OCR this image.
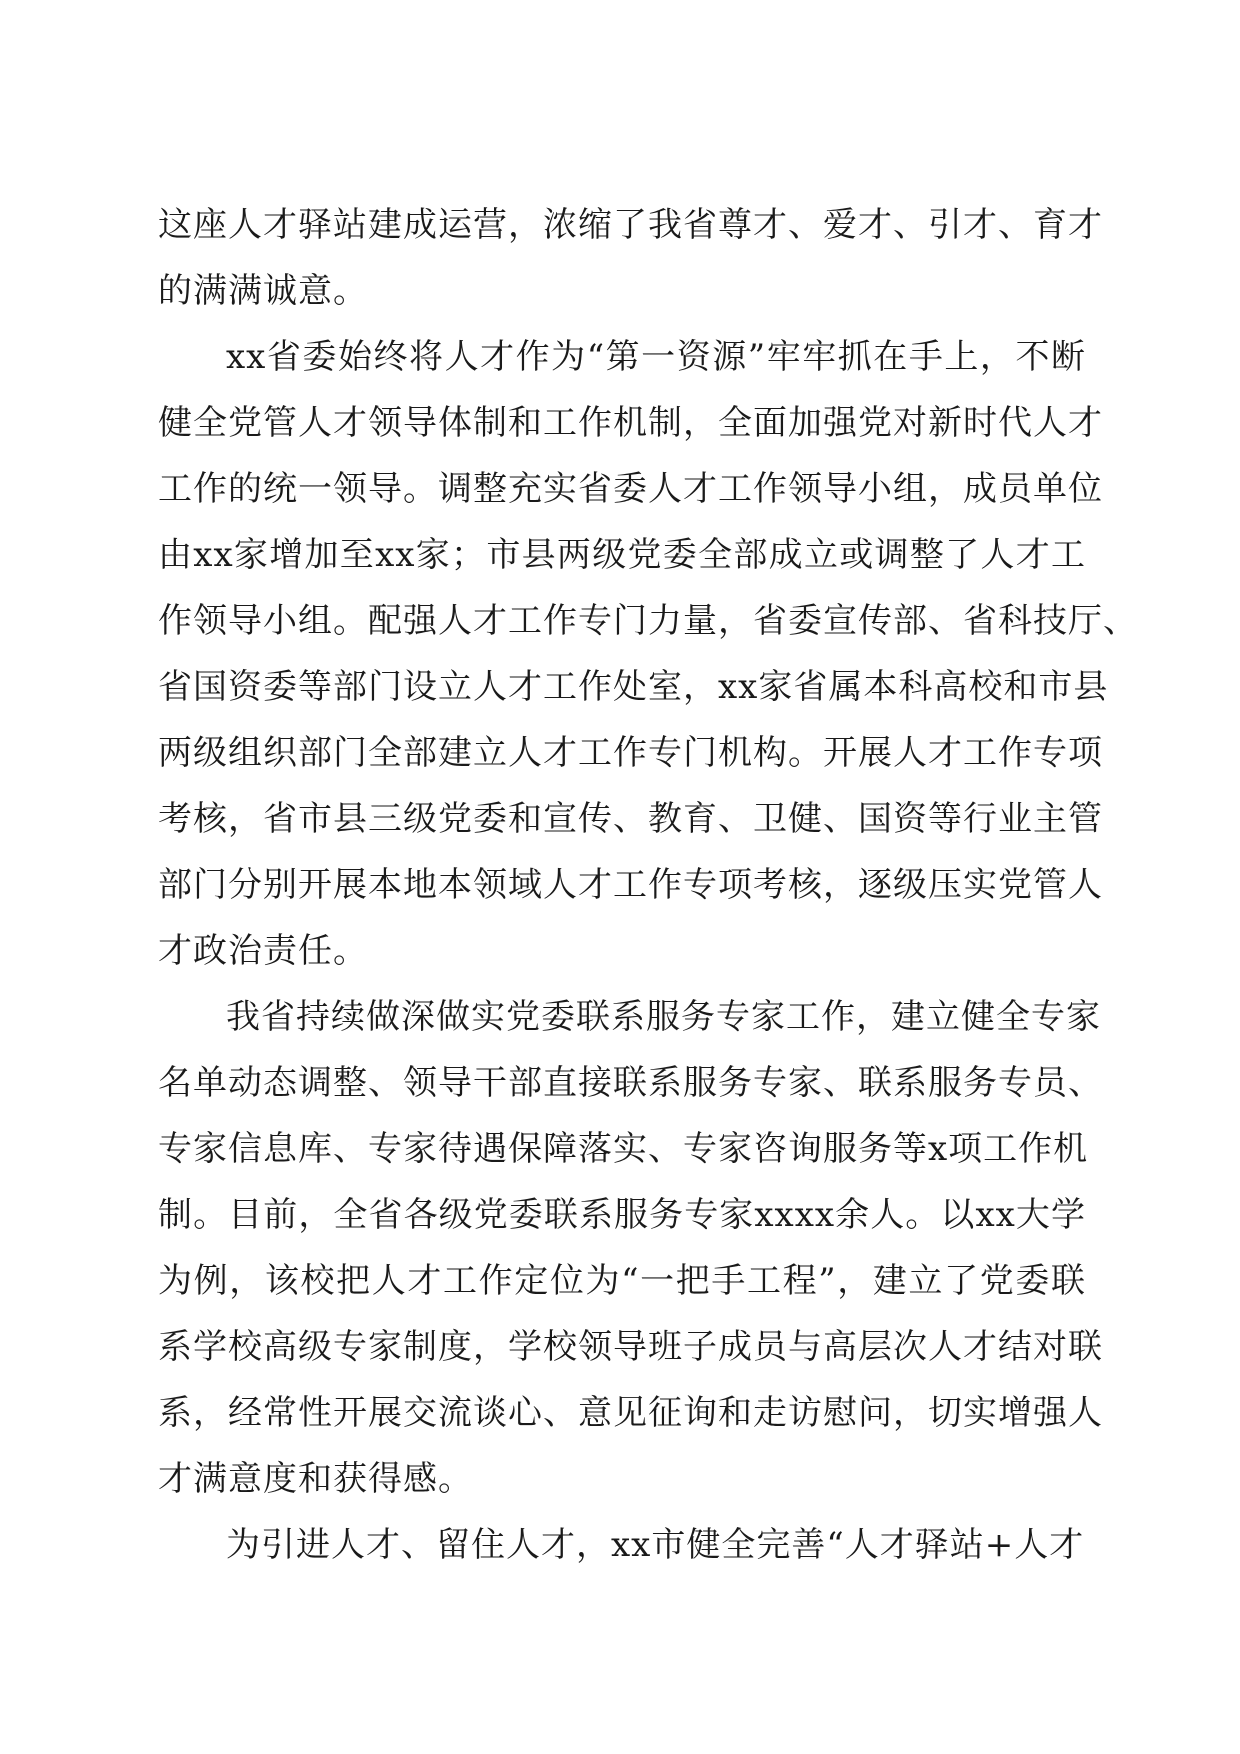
这座人才驿站建成运营，浓缩了我省尊才、爱才、引才、育才
的满满诚意。
xx省委始终将人才作为“第一资源”牢牢抓在手上，不断
健全党管人才领导体制和工作机制，全面加强党对新时代人才
工作的统一领导。调整充实省委人才工作领导小组，成员单位
由xx家增加至xx家；市县两级党委全部成立或调整了人才工
作领导小组。配强人才工作专门力量，省委宣传部、省科技厅、
省国资委等部门设立人才工作处室，xx家省属本科高校和市县
两级组织部门全部建立人才工作专门机构。开展人才工作专项
考核，省市县三级党委和宣传、教育、卫健、国资等行业主管
部门分别开展本地本领域人才工作专项考核，逐级压实党管人
才政治责任。
我省持续做深做实党委联系服务专家工作，建立健全专家
名单动态调整、领导干部直接联系服务专家、联系服务专员、
专家信息库、专家待遇保障落实、专家咨询服务等x项工作机
制。目前，全省各级党委联系服务专家xxxx余人。以xx大学
为例，该校把人才工作定位为“一把手工程”，建立了党委联
系学校高级专家制度，学校领导班子成员与高层次人才结对联
系，经常性开展交流谈心、意见征询和走访慰问，切实增强人
才满意度和获得感。
为引进人才、留住人才，xx市健全完善“人才驿站+人才
